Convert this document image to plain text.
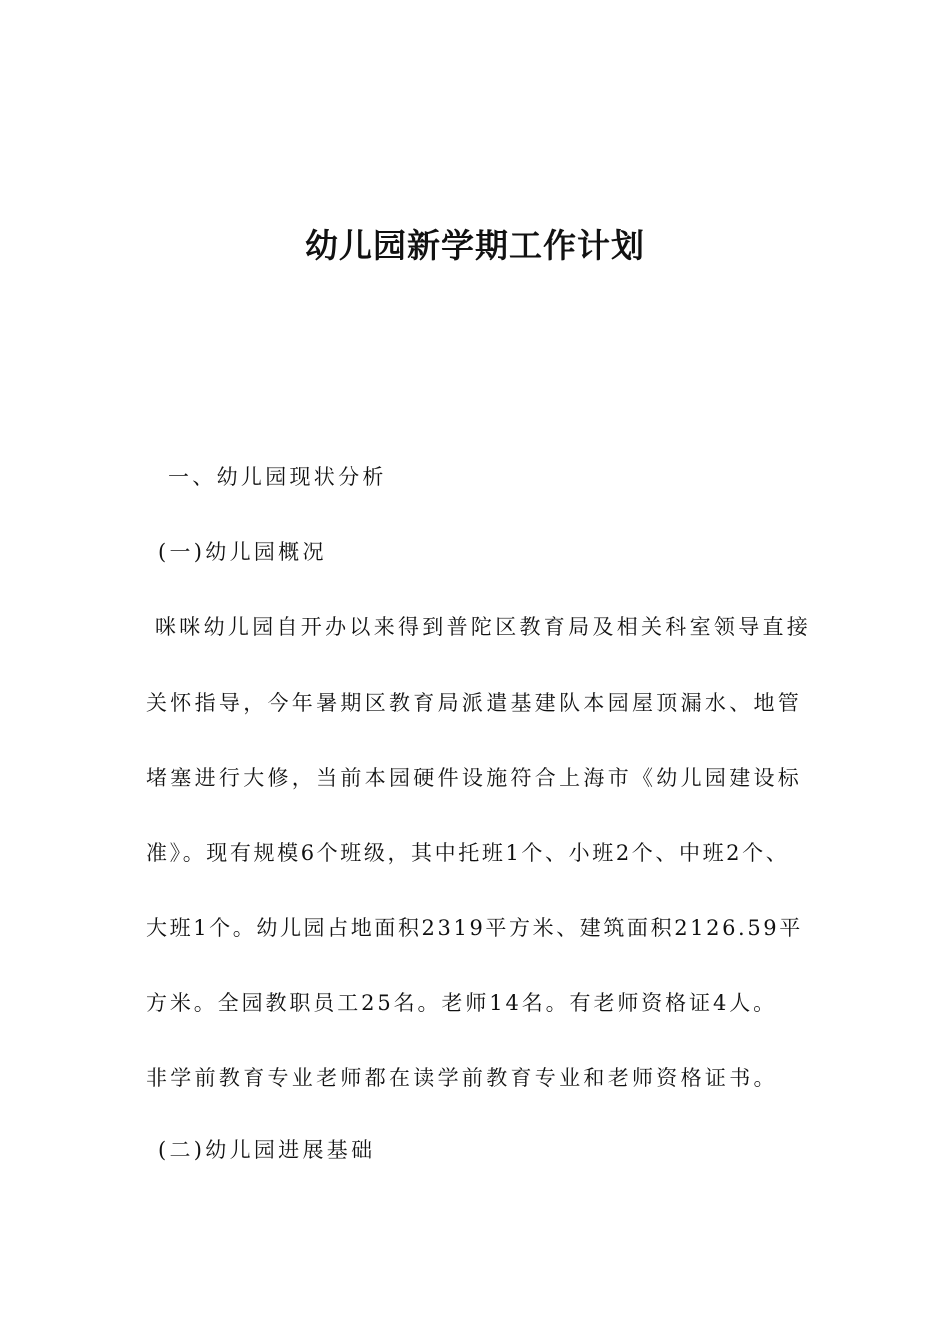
幼儿园新学期工作计划
一、幼儿园现状分析
(一)幼儿园概况
咪咪幼儿园自开办以来得到普陀区教育局及相关科室领导直接
关怀指导，今年暑期区教育局派遣基建队本园屋顶漏水、地管
堵塞进行大修，当前本园硬件设施符合上海市《幼儿园建设标
准》。现有规模6个班级，其中托班1个、小班2个、中班2个、
大班1个。幼儿园占地面积2319平方米、建筑面积2126.59平
方米。全园教职员工25名。老师14名。有老师资格证4人。
非学前教育专业老师都在读学前教育专业和老师资格证书。
(二)幼儿园进展基础
